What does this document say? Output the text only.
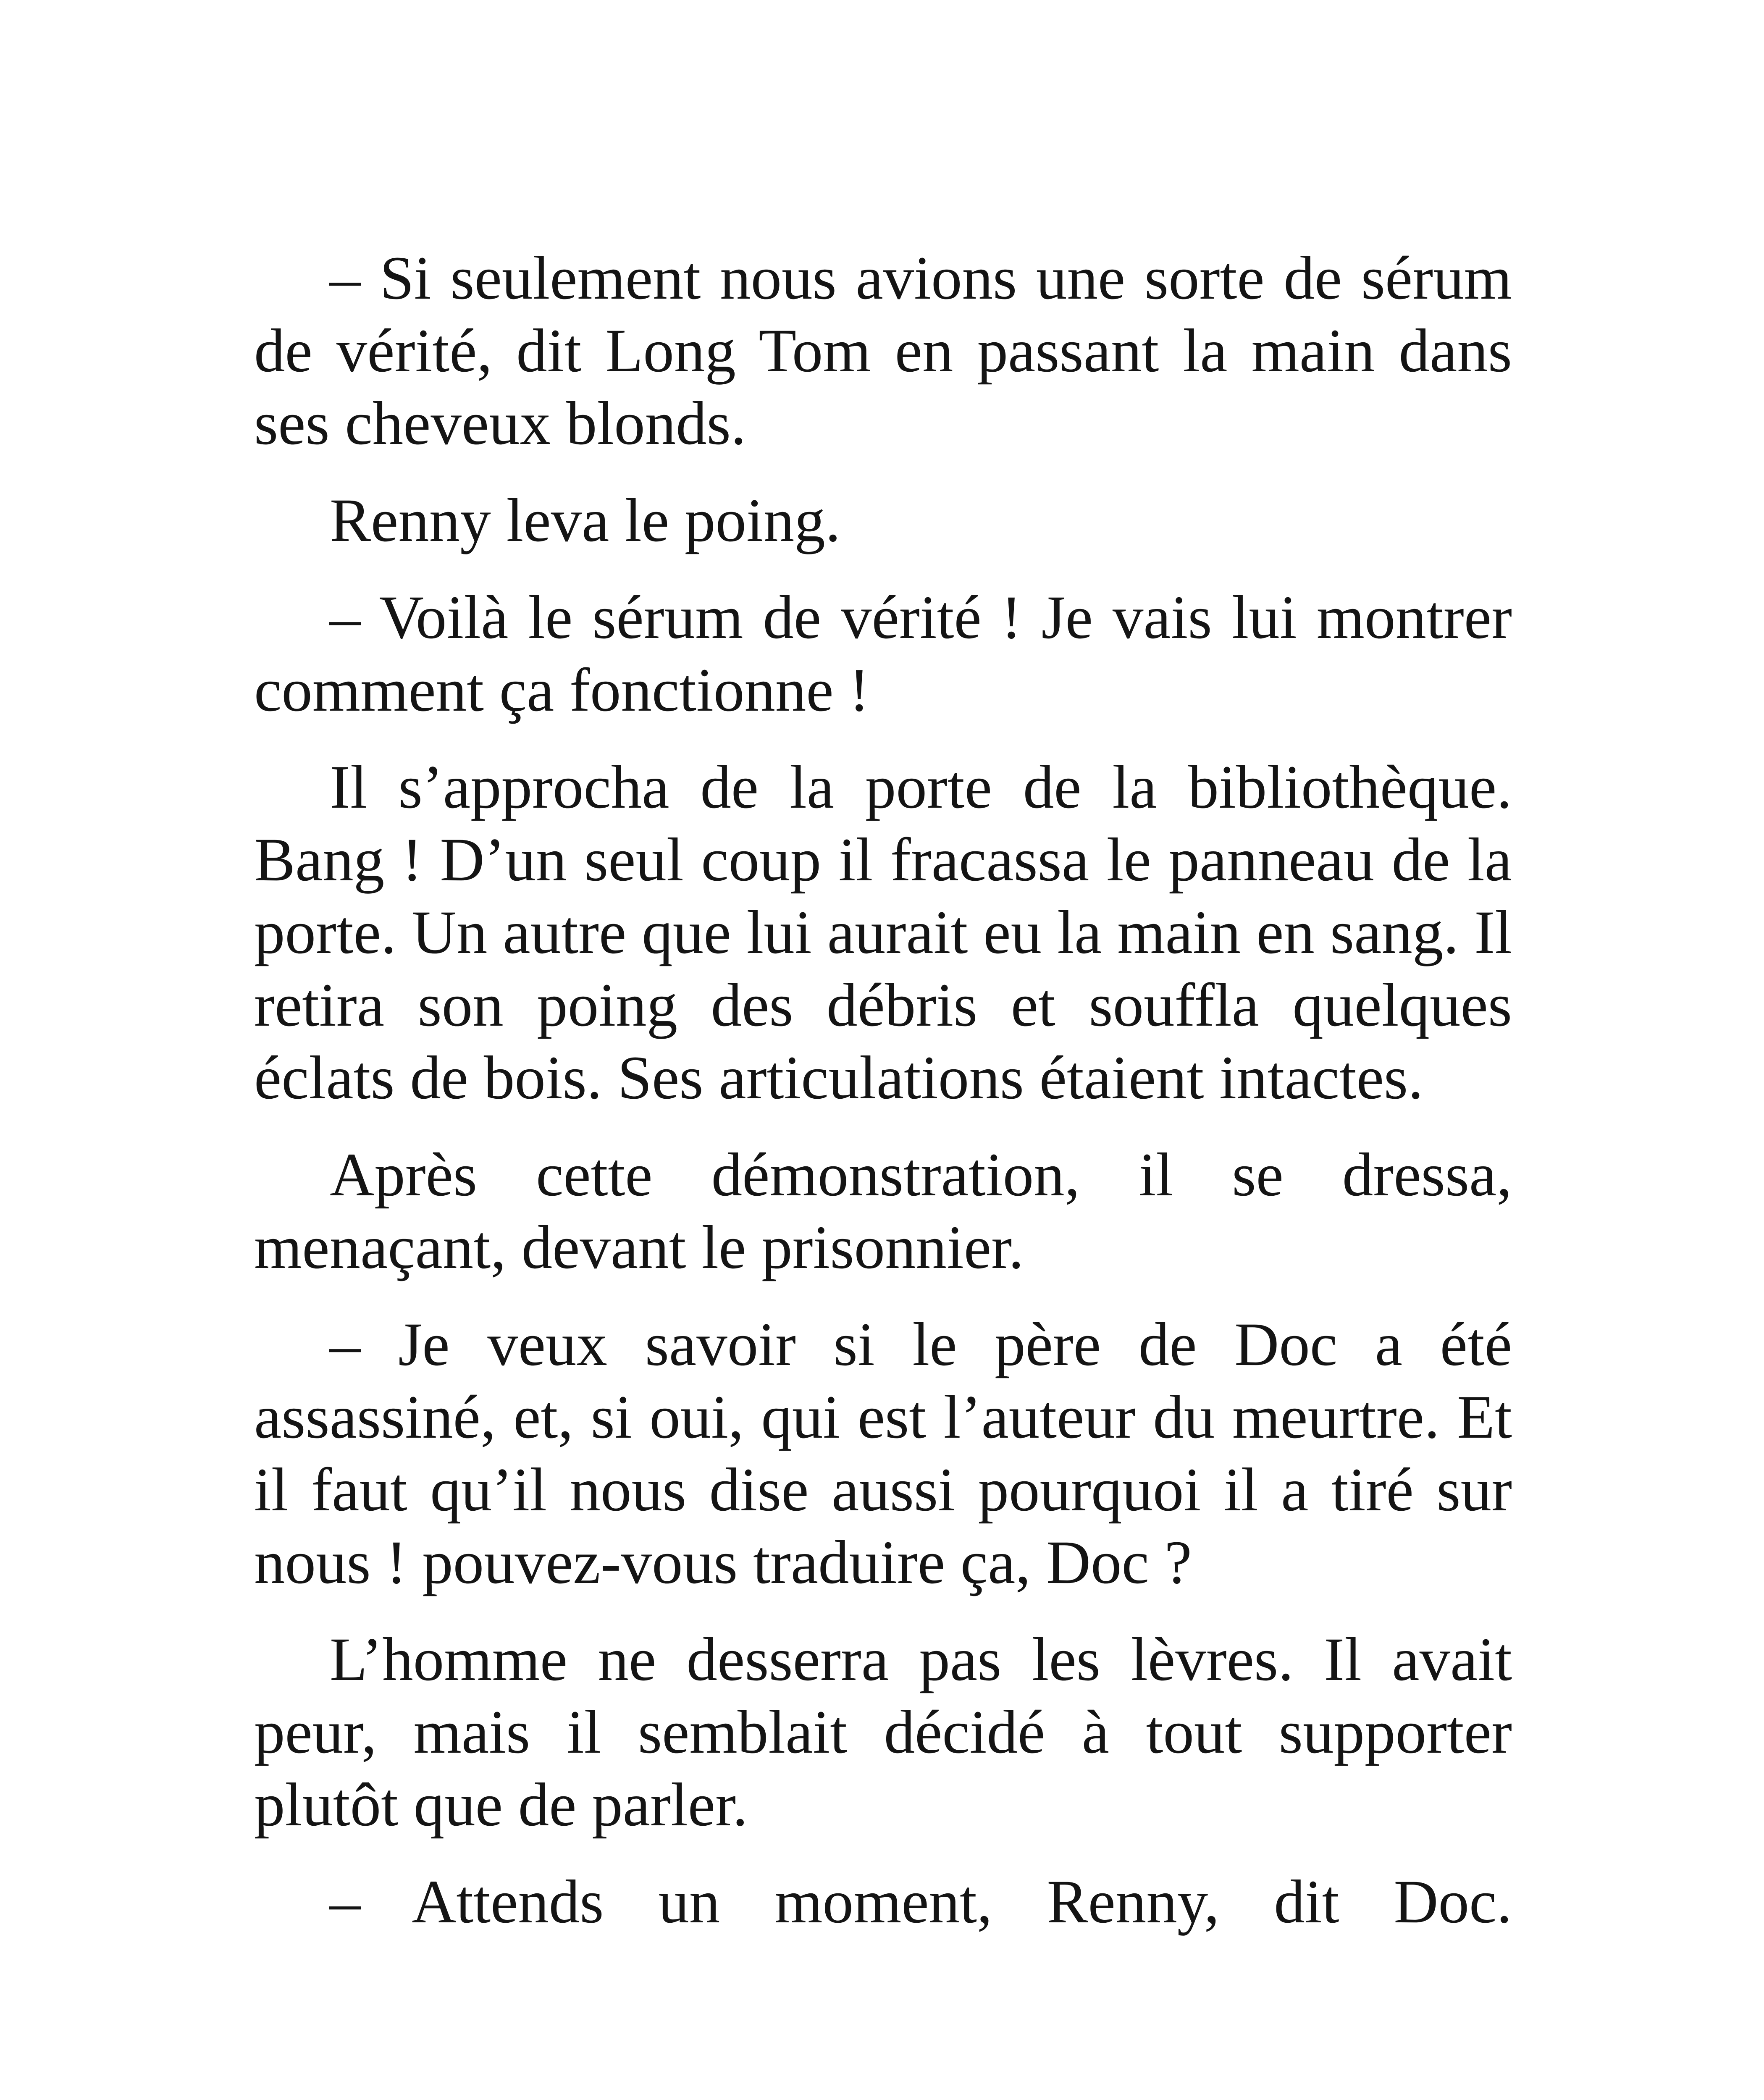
– Si seulement nous avions une sorte de sérum de vérité, dit Long Tom en passant la main dans ses cheveux blonds.

Renny leva le poing.

– Voilà le sérum de vérité ! Je vais lui montrer comment ça fonctionne !

Il s’approcha de la porte de la bibliothèque. Bang ! D’un seul coup il fracassa le panneau de la porte. Un autre que lui aurait eu la main en sang. Il retira son poing des débris et souffla quelques éclats de bois. Ses articulations étaient intactes.

Après cette démonstration, il se dressa, menaçant, devant le prisonnier.

– Je veux savoir si le père de Doc a été assassiné, et, si oui, qui est l’auteur du meurtre. Et il faut qu’il nous dise aussi pourquoi il a tiré sur nous ! pouvez-vous traduire ça, Doc ?

L’homme ne desserra pas les lèvres. Il avait peur, mais il semblait décidé à tout supporter plutôt que de parler.

– Attends un moment, Renny, dit Doc.
